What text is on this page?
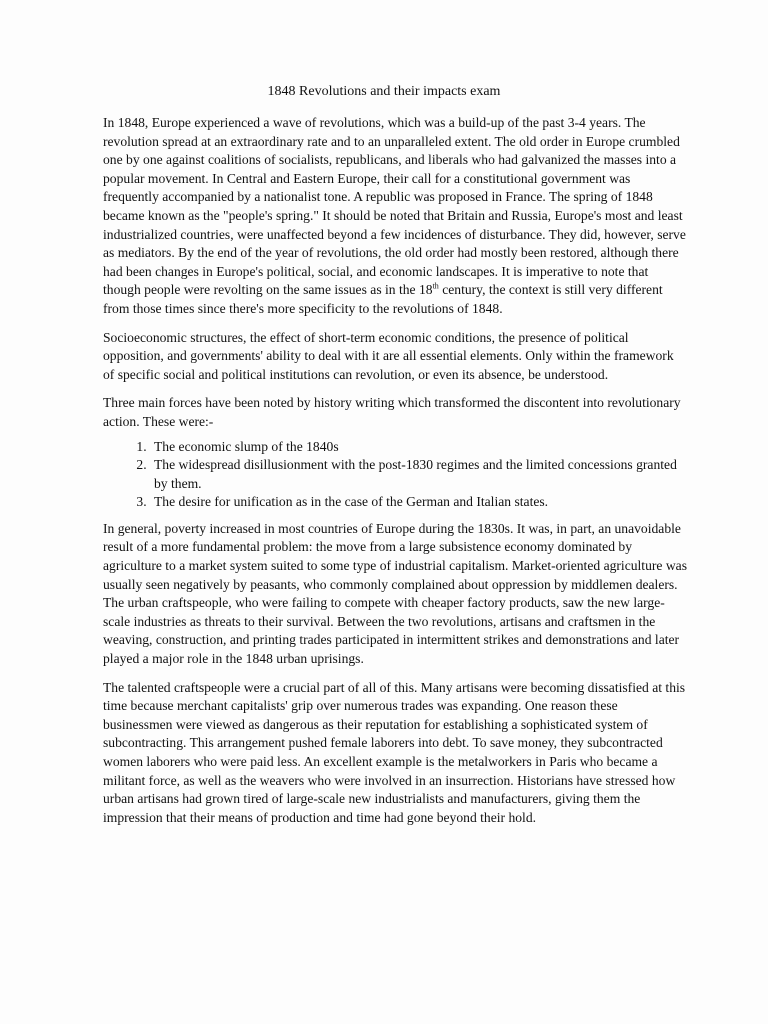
1848 Revolutions and their impacts exam

In 1848, Europe experienced a wave of revolutions, which was a build-up of the past 3-4 years. The revolution spread at an extraordinary rate and to an unparalleled extent. The old order in Europe crumbled one by one against coalitions of socialists, republicans, and liberals who had galvanized the masses into a popular movement. In Central and Eastern Europe, their call for a constitutional government was frequently accompanied by a nationalist tone. A republic was proposed in France. The spring of 1848 became known as the "people's spring." It should be noted that Britain and Russia, Europe's most and least industrialized countries, were unaffected beyond a few incidences of disturbance. They did, however, serve as mediators. By the end of the year of revolutions, the old order had mostly been restored, although there had been changes in Europe's political, social, and economic landscapes. It is imperative to note that though people were revolting on the same issues as in the 18th century, the context is still very different from those times since there's more specificity to the revolutions of 1848.

Socioeconomic structures, the effect of short-term economic conditions, the presence of political opposition, and governments' ability to deal with it are all essential elements. Only within the framework of specific social and political institutions can revolution, or even its absence, be understood.

Three main forces have been noted by history writing which transformed the discontent into revolutionary action. These were:-

1. The economic slump of the 1840s
2. The widespread disillusionment with the post-1830 regimes and the limited concessions granted by them.
3. The desire for unification as in the case of the German and Italian states.

In general, poverty increased in most countries of Europe during the 1830s. It was, in part, an unavoidable result of a more fundamental problem: the move from a large subsistence economy dominated by agriculture to a market system suited to some type of industrial capitalism. Market-oriented agriculture was usually seen negatively by peasants, who commonly complained about oppression by middlemen dealers. The urban craftspeople, who were failing to compete with cheaper factory products, saw the new large-scale industries as threats to their survival. Between the two revolutions, artisans and craftsmen in the weaving, construction, and printing trades participated in intermittent strikes and demonstrations and later played a major role in the 1848 urban uprisings.

The talented craftspeople were a crucial part of all of this. Many artisans were becoming dissatisfied at this time because merchant capitalists' grip over numerous trades was expanding. One reason these businessmen were viewed as dangerous as their reputation for establishing a sophisticated system of subcontracting. This arrangement pushed female laborers into debt. To save money, they subcontracted women laborers who were paid less. An excellent example is the metalworkers in Paris who became a militant force, as well as the weavers who were involved in an insurrection. Historians have stressed how urban artisans had grown tired of large-scale new industrialists and manufacturers, giving them the impression that their means of production and time had gone beyond their hold.
